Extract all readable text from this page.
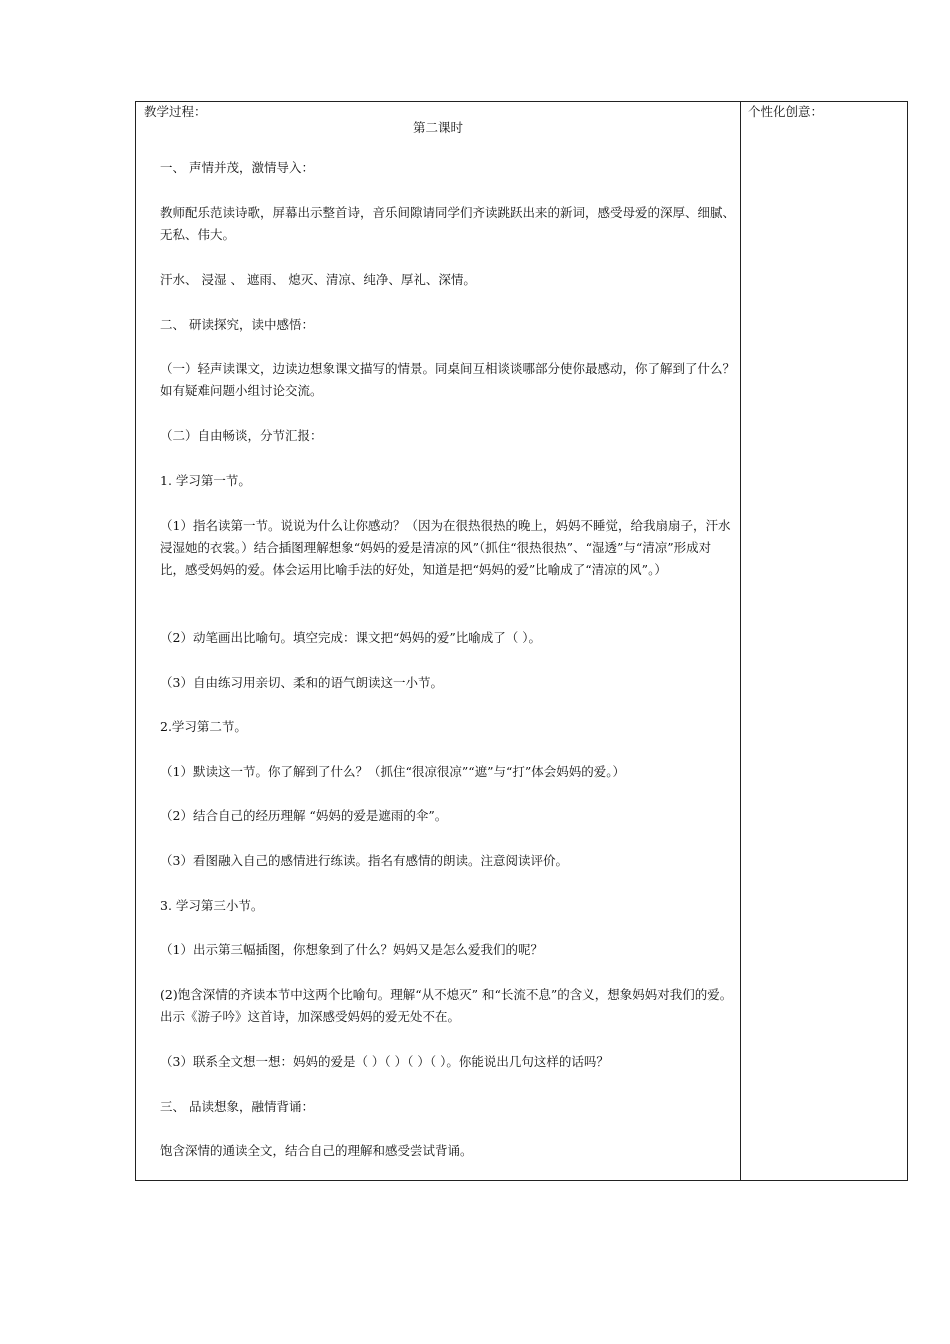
教学过程：	个性化创意：
第二课时
一、 声情并茂，激情导入：
教师配乐范读诗歌，屏幕出示整首诗，音乐间隙请同学们齐读跳跃出来的新词，感受母爱的深厚、细腻、无私、伟大。
汗水、 浸湿 、 遮雨、 熄灭、清凉、纯净、厚礼、深情。
二、 研读探究，读中感悟：
（一）轻声读课文，边读边想象课文描写的情景。同桌间互相谈谈哪部分使你最感动，你了解到了什么？如有疑难问题小组讨论交流。
（二）自由畅谈，分节汇报：
1. 学习第一节。
（1）指名读第一节。说说为什么让你感动？（因为在很热很热的晚上，妈妈不睡觉，给我扇扇子，汗水浸湿她的衣裳。）结合插图理解想象“妈妈的爱是清凉的风”（抓住“很热很热”、“湿透”与“清凉”形成对比，感受妈妈的爱。体会运用比喻手法的好处，知道是把“妈妈的爱”比喻成了“清凉的风”。）
（2）动笔画出比喻句。填空完成：课文把“妈妈的爱”比喻成了（ ）。
（3）自由练习用亲切、柔和的语气朗读这一小节。
2.学习第二节。
（1）默读这一节。你了解到了什么？（抓住“很凉很凉”“遮”与“打”体会妈妈的爱。）
（2）结合自己的经历理解 “妈妈的爱是遮雨的伞”。
（3）看图融入自己的感情进行练读。指名有感情的朗读。注意阅读评价。
3. 学习第三小节。
（1）出示第三幅插图，你想象到了什么？妈妈又是怎么爱我们的呢？
(2)饱含深情的齐读本节中这两个比喻句。理解“从不熄灭” 和“长流不息”的含义，想象妈妈对我们的爱。出示《游子吟》这首诗，加深感受妈妈的爱无处不在。
（3）联系全文想一想：妈妈的爱是（ ）（ ）（ ）（ ）。你能说出几句这样的话吗？
三、 品读想象，融情背诵：
饱含深情的通读全文，结合自己的理解和感受尝试背诵。
